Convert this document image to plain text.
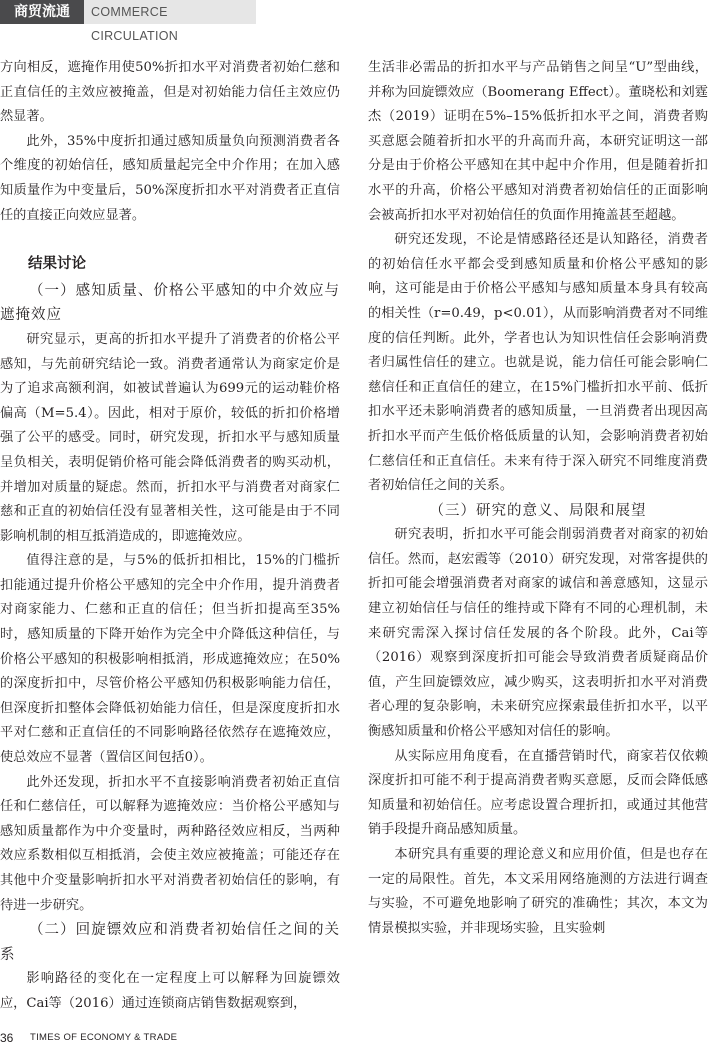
商贸流通	COMMERCE CIRCULATION

方向相反，遮掩作用使50%折扣水平对消费者初始仁慈和正直信任的主效应被掩盖，但是对初始能力信任主效应仍然显著。

此外，35%中度折扣通过感知质量负向预测消费者各个维度的初始信任，感知质量起完全中介作用；在加入感知质量作为中变量后，50%深度折扣水平对消费者正直信任的直接正向效应显著。

结果讨论

（一）感知质量、价格公平感知的中介效应与遮掩效应

研究显示，更高的折扣水平提升了消费者的价格公平感知，与先前研究结论一致。消费者通常认为商家定价是为了追求高额利润，如被试普遍认为699元的运动鞋价格偏高（M=5.4）。因此，相对于原价，较低的折扣价格增强了公平的感受。同时，研究发现，折扣水平与感知质量呈负相关，表明促销价格可能会降低消费者的购买动机，并增加对质量的疑虑。然而，折扣水平与消费者对商家仁慈和正直的初始信任没有显著相关性，这可能是由于不同影响机制的相互抵消造成的，即遮掩效应。

值得注意的是，与5%的低折扣相比，15%的门槛折扣能通过提升价格公平感知的完全中介作用，提升消费者对商家能力、仁慈和正直的信任；但当折扣提高至35%时，感知质量的下降开始作为完全中介降低这种信任，与价格公平感知的积极影响相抵消，形成遮掩效应；在50%的深度折扣中，尽管价格公平感知仍积极影响能力信任，但深度折扣整体会降低初始能力信任，但是深度度折扣水平对仁慈和正直信任的不同影响路径依然存在遮掩效应，使总效应不显著（置信区间包括0）。

此外还发现，折扣水平不直接影响消费者初始正直信任和仁慈信任，可以解释为遮掩效应：当价格公平感知与感知质量都作为中介变量时，两种路径效应相反，当两种效应系数相似互相抵消，会使主效应被掩盖；可能还存在其他中介变量影响折扣水平对消费者初始信任的影响，有待进一步研究。

（二）回旋镖效应和消费者初始信任之间的关系

影响路径的变化在一定程度上可以解释为回旋镖效应，Cai等（2016）通过连锁商店销售数据观察到，

生活非必需品的折扣水平与产品销售之间呈“U”型曲线，并称为回旋镖效应（Boomerang Effect）。董晓松和刘霆杰（2019）证明在5%–15%低折扣水平之间，消费者购买意愿会随着折扣水平的升高而升高，本研究证明这一部分是由于价格公平感知在其中起中介作用，但是随着折扣水平的升高，价格公平感知对消费者初始信任的正面影响会被高折扣水平对初始信任的负面作用掩盖甚至超越。

研究还发现，不论是情感路径还是认知路径，消费者的初始信任水平都会受到感知质量和价格公平感知的影响，这可能是由于价格公平感知与感知质量本身具有较高的相关性（r=0.49，p<0.01），从而影响消费者对不同维度的信任判断。此外，学者也认为知识性信任会影响消费者归属性信任的建立。也就是说，能力信任可能会影响仁慈信任和正直信任的建立，在15%门槛折扣水平前、低折扣水平还未影响消费者的感知质量，一旦消费者出现因高折扣水平而产生低价格低质量的认知，会影响消费者初始仁慈信任和正直信任。未来有待于深入研究不同维度消费者初始信任之间的关系。

（三）研究的意义、局限和展望

研究表明，折扣水平可能会削弱消费者对商家的初始信任。然而，赵宏霞等（2010）研究发现，对常客提供的折扣可能会增强消费者对商家的诚信和善意感知，这显示建立初始信任与信任的维持或下降有不同的心理机制，未来研究需深入探讨信任发展的各个阶段。此外，Cai等（2016）观察到深度折扣可能会导致消费者质疑商品价值，产生回旋镖效应，减少购买，这表明折扣水平对消费者心理的复杂影响，未来研究应探索最佳折扣水平，以平衡感知质量和价格公平感知对信任的影响。

从实际应用角度看，在直播营销时代，商家若仅依赖深度折扣可能不利于提高消费者购买意愿，反而会降低感知质量和初始信任。应考虑设置合理折扣，或通过其他营销手段提升商品感知质量。

本研究具有重要的理论意义和应用价值，但是也存在一定的局限性。首先，本文采用网络施测的方法进行调查与实验，不可避免地影响了研究的准确性；其次，本文为情景模拟实验，并非现场实验，且实验刺

36 TIMES OF ECONOMY & TRADE
